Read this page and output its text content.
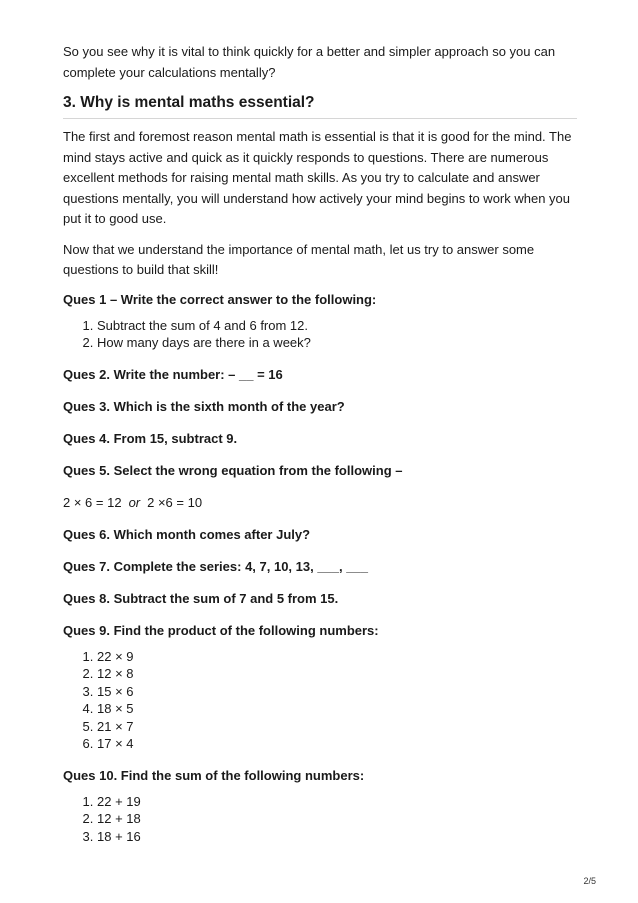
So you see why it is vital to think quickly for a better and simpler approach so you can complete your calculations mentally?

3. Why is mental maths essential?

The first and foremost reason mental math is essential is that it is good for the mind. The mind stays active and quick as it quickly responds to questions. There are numerous excellent methods for raising mental math skills. As you try to calculate and answer questions mentally, you will understand how actively your mind begins to work when you put it to good use.

Now that we understand the importance of mental math, let us try to answer some questions to build that skill!

Ques 1 – Write the correct answer to the following:

1. Subtract the sum of 4 and 6 from 12.
2. How many days are there in a week?

Ques 2. Write the number: – __ = 16

Ques 3. Which is the sixth month of the year?

Ques 4. From 15, subtract 9.

Ques 5. Select the wrong equation from the following –

2 × 6 = 12 or 2 ×6 = 10

Ques 6. Which month comes after July?

Ques 7. Complete the series: 4, 7, 10, 13, ___, ___

Ques 8. Subtract the sum of 7 and 5 from 15.

Ques 9. Find the product of the following numbers:

1. 22 × 9
2. 12 × 8
3. 15 × 6
4. 18 × 5
5. 21 × 7
6. 17 × 4

Ques 10. Find the sum of the following numbers:

1. 22 + 19
2. 12 + 18
3. 18 + 16
2/5
